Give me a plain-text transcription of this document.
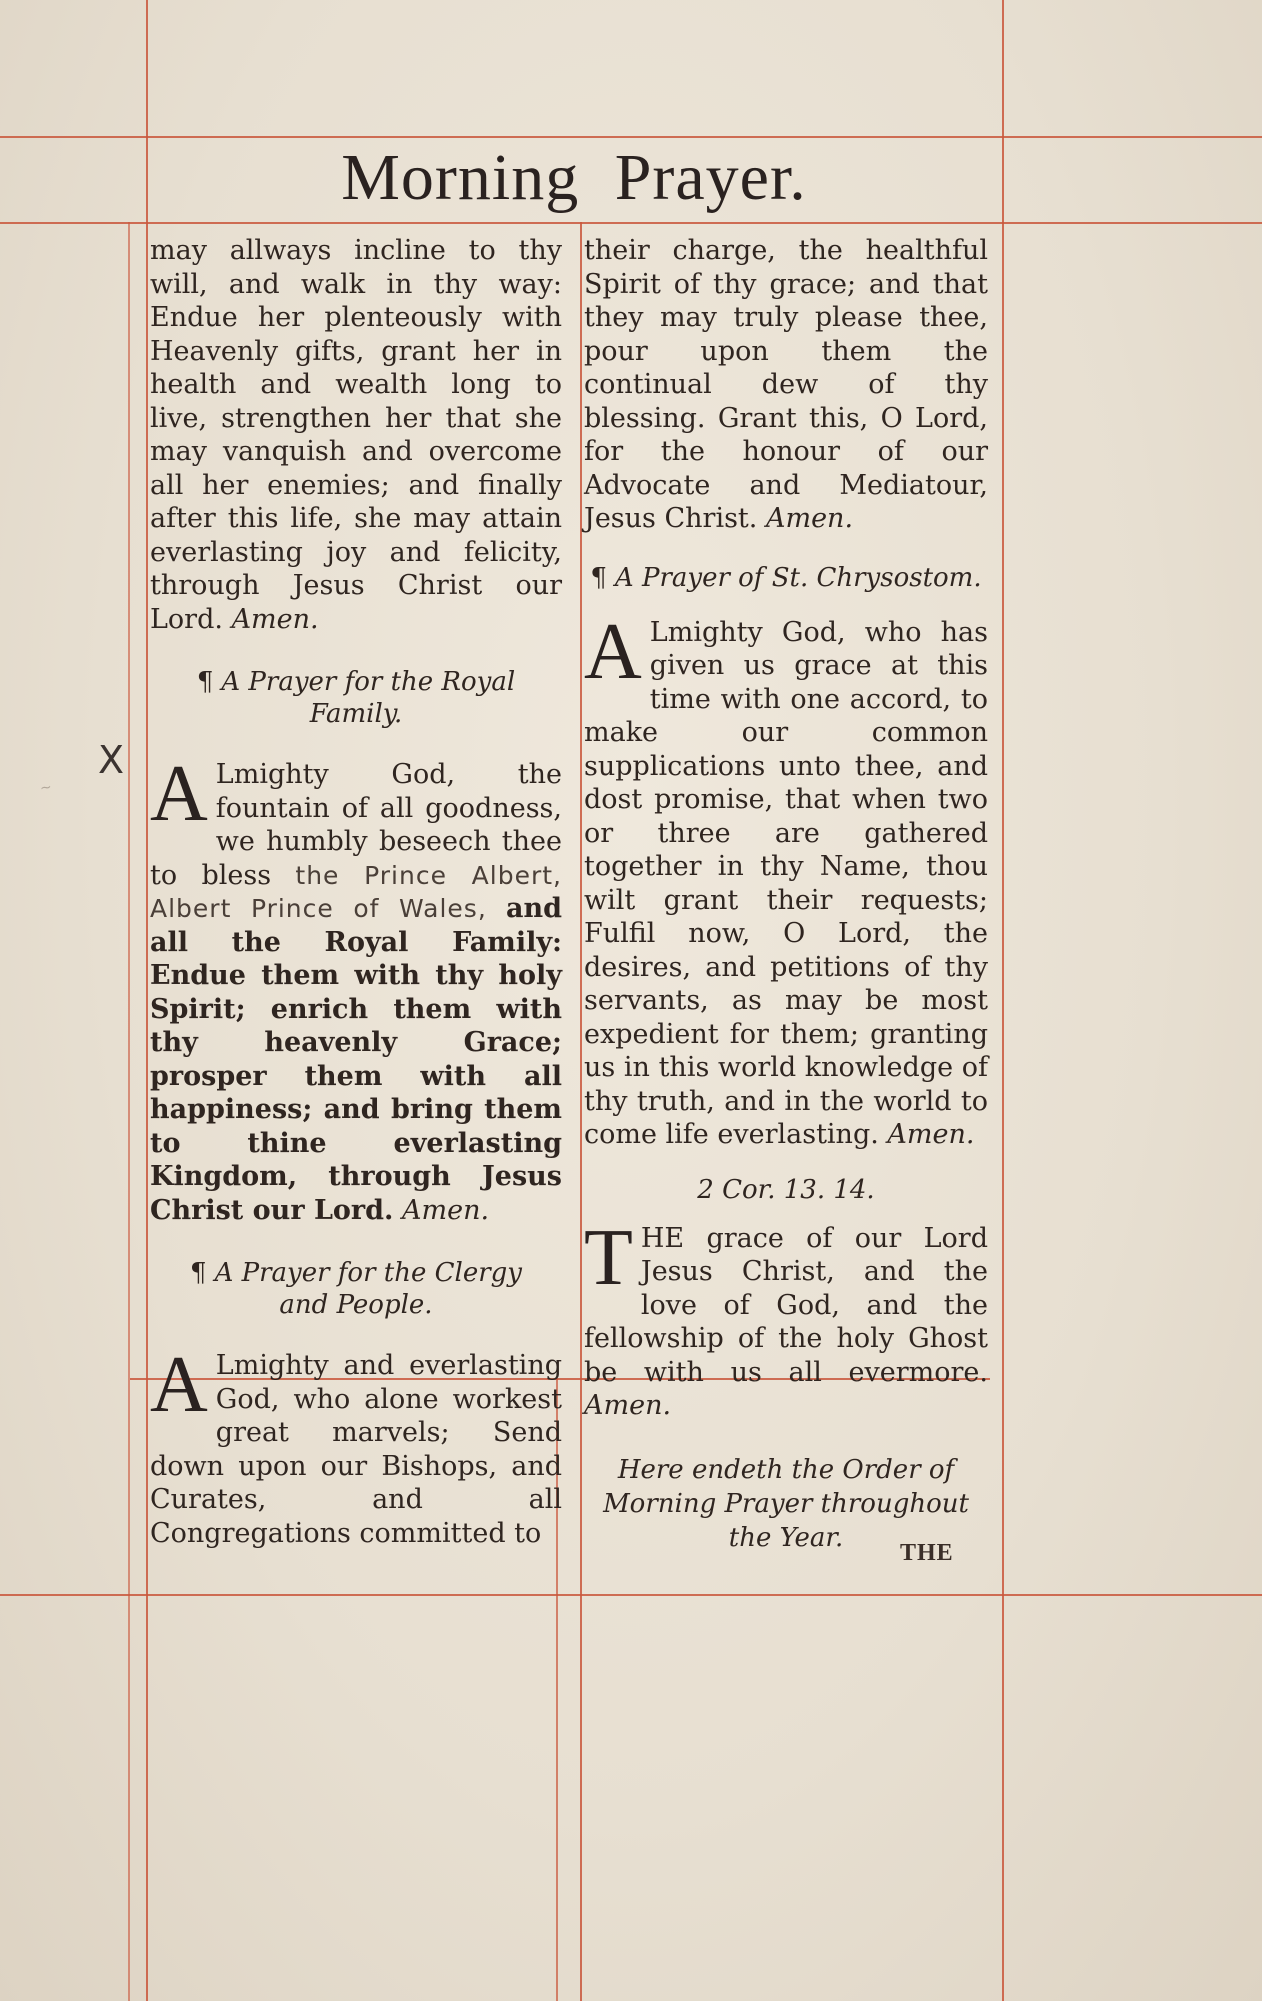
Morning Prayer.
X
~

may allways incline to thy will, and walk in thy way: Endue her plenteously with Heavenly gifts, grant her in health and wealth long to live, strengthen her that she may vanquish and overcome all her enemies; and finally after this life, she may attain everlasting joy and felicity, through Jesus Christ our Lord. Amen.

¶ A Prayer for the Royal Family.

A Lmighty God, the fountain of all goodness, we humbly beseech thee to bless the Prince Albert, Albert Prince of Wales, and all the Royal Family: Endue them with thy holy Spirit; enrich them with thy heavenly Grace; prosper them with all happiness; and bring them to thine everlasting Kingdom, through Jesus Christ our Lord. Amen.

¶ A Prayer for the Clergy and People.

A Lmighty and everlasting God, who alone workest great marvels; Send down upon our Bishops, and Curates, and all Congregations committed to

their charge, the healthful Spirit of thy grace; and that they may truly please thee, pour upon them the continual dew of thy blessing. Grant this, O Lord, for the honour of our Advocate and Mediatour, Jesus Christ. Amen.

¶ A Prayer of St. Chrysostom.

A Lmighty God, who has given us grace at this time with one accord, to make our common supplications unto thee, and dost promise, that when two or three are gathered together in thy Name, thou wilt grant their requests; Fulfil now, O Lord, the desires, and petitions of thy servants, as may be most expedient for them; granting us in this world knowledge of thy truth, and in the world to come life everlasting. Amen.

2 Cor. 13. 14.

T HE grace of our Lord Jesus Christ, and the love of God, and the fellowship of the holy Ghost be with us all evermore. Amen.

Here endeth the Order of Morning Prayer throughout the Year.
THE
